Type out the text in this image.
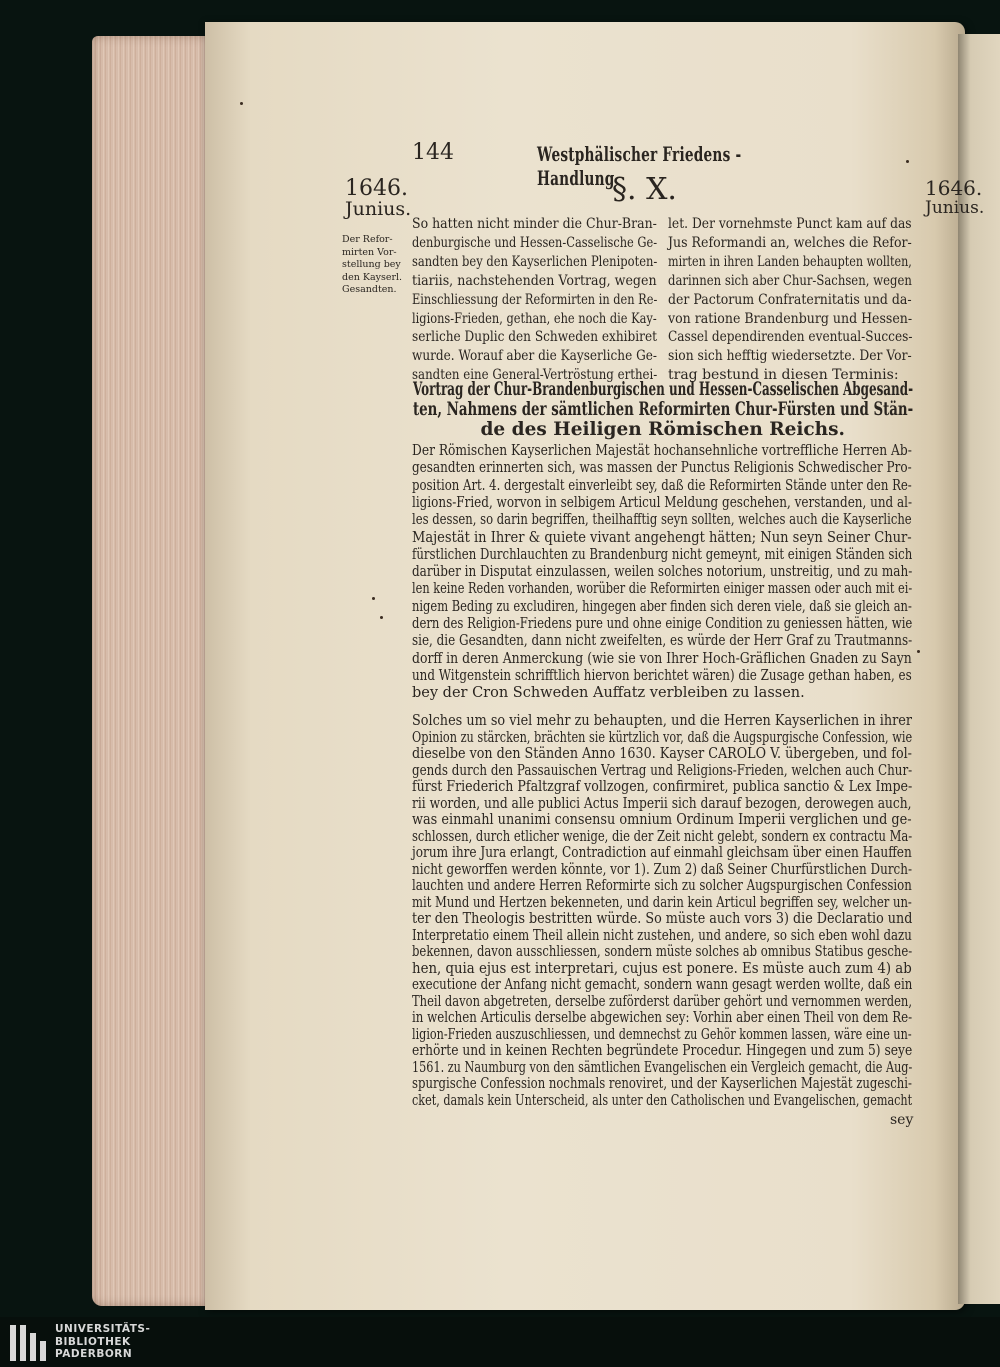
144	Westphälischer Friedens - Handlung
1646.
Junius.
1646.
Junius.
§. X.
Der Refor-mirten Vor-stellung bey den Kayserl. Gesandten.
So hatten nicht minder die Chur-Bran-
denburgische und Hessen-Casselische Ge-
sandten bey den Kayserlichen Plenipoten-
tiariis, nachstehenden Vortrag, wegen
Einschliessung der Reformirten in den Re-
ligions-Frieden, gethan, ehe noch die Kay-
serliche Duplic den Schweden exhibiret
wurde. Worauf aber die Kayserliche Ge-
sandten eine General-Vertröstung erthei-
let. Der vornehmste Punct kam auf das
Jus Reformandi an, welches die Refor-
mirten in ihren Landen behaupten wollten,
darinnen sich aber Chur-Sachsen, wegen
der Pactorum Confraternitatis und da-
von ratione Brandenburg und Hessen-
Cassel dependirenden eventual-Succes-
sion sich hefftig wiedersetzte. Der Vor-
trag bestund in diesen Terminis:
Vortrag der Chur-Brandenburgischen und Hessen-Casselischen Abgesand-
ten, Nahmens der sämtlichen Reformirten Chur-Fürsten und Stän-
de des Heiligen Römischen Reichs.
Der Römischen Kayserlichen Majestät hochansehnliche vortreffliche Herren Ab-
gesandten erinnerten sich, was massen der Punctus Religionis Schwedischer Pro-
position Art. 4. dergestalt einverleibt sey, daß die Reformirten Stände unter den Re-
ligions-Fried, worvon in selbigem Articul Meldung geschehen, verstanden, und al-
les dessen, so darin begriffen, theilhafftig seyn sollten, welches auch die Kayserliche
Majestät in Ihrer & quiete vivant angehengt hätten; Nun seyn Seiner Chur-
fürstlichen Durchlauchten zu Brandenburg nicht gemeynt, mit einigen Ständen sich
darüber in Disputat einzulassen, weilen solches notorium, unstreitig, und zu mah-
len keine Reden vorhanden, worüber die Reformirten einiger massen oder auch mit ei-
nigem Beding zu excludiren, hingegen aber finden sich deren viele, daß sie gleich an-
dern des Religion-Friedens pure und ohne einige Condition zu geniessen hätten, wie
sie, die Gesandten, dann nicht zweifelten, es würde der Herr Graf zu Trautmanns-
dorff in deren Anmerckung (wie sie von Ihrer Hoch-Gräflichen Gnaden zu Sayn
und Witgenstein schrifftlich hiervon berichtet wären) die Zusage gethan haben, es
bey der Cron Schweden Auffatz verbleiben zu lassen.
Solches um so viel mehr zu behaupten, und die Herren Kayserlichen in ihrer
Opinion zu stärcken, brächten sie kürtzlich vor, daß die Augspurgische Confession, wie
dieselbe von den Ständen Anno 1630. Kayser CAROLO V. übergeben, und fol-
gends durch den Passauischen Vertrag und Religions-Frieden, welchen auch Chur-
fürst Friederich Pfaltzgraf vollzogen, confirmiret, publica sanctio & Lex Impe-
rii worden, und alle publici Actus Imperii sich darauf bezogen, derowegen auch,
was einmahl unanimi consensu omnium Ordinum Imperii verglichen und ge-
schlossen, durch etlicher wenige, die der Zeit nicht gelebt, sondern ex contractu Ma-
jorum ihre Jura erlangt, Contradiction auf einmahl gleichsam über einen Hauffen
nicht geworffen werden könnte, vor 1). Zum 2) daß Seiner Churfürstlichen Durch-
lauchten und andere Herren Reformirte sich zu solcher Augspurgischen Confession
mit Mund und Hertzen bekenneten, und darin kein Articul begriffen sey, welcher un-
ter den Theologis bestritten würde. So müste auch vors 3) die Declaratio und
Interpretatio einem Theil allein nicht zustehen, und andere, so sich eben wohl dazu
bekennen, davon ausschliessen, sondern müste solches ab omnibus Statibus gesche-
hen, quia ejus est interpretari, cujus est ponere. Es müste auch zum 4) ab
executione der Anfang nicht gemacht, sondern wann gesagt werden wollte, daß ein
Theil davon abgetreten, derselbe zuförderst darüber gehört und vernommen werden,
in welchen Articulis derselbe abgewichen sey: Vorhin aber einen Theil von dem Re-
ligion-Frieden auszuschliessen, und demnechst zu Gehör kommen lassen, wäre eine un-
erhörte und in keinen Rechten begründete Procedur. Hingegen und zum 5) seye
1561. zu Naumburg von den sämtlichen Evangelischen ein Vergleich gemacht, die Aug-
spurgische Confession nochmals renoviret, und der Kayserlichen Majestät zugeschi-
cket, damals kein Unterscheid, als unter den Catholischen und Evangelischen, gemacht
sey
UNIVERSITÄTS-
BIBLIOTHEK
PADERBORN
